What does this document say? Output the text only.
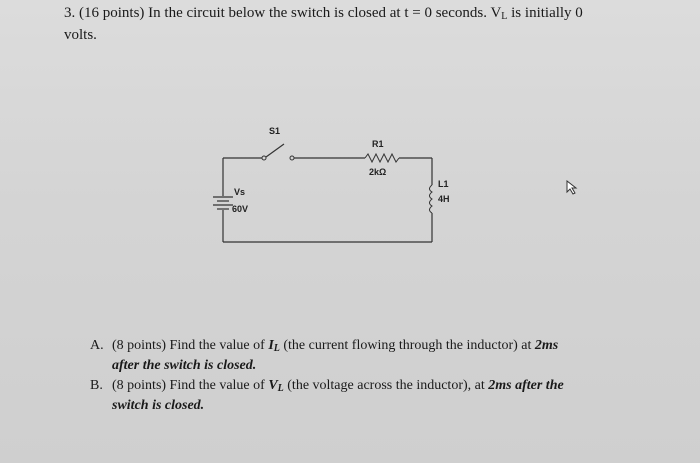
3. (16 points) In the circuit below the switch is closed at t = 0 seconds. $V_L$ is initially 0
volts.
S1
R1
2kΩ
Vs
60V
L1
4H
A. (8 points) Find the value of $I_L$ (the current flowing through the inductor) at 2ms
after the switch is closed.
B. (8 points) Find the value of $V_L$ (the voltage across the inductor), at 2ms after the
switch is closed.
